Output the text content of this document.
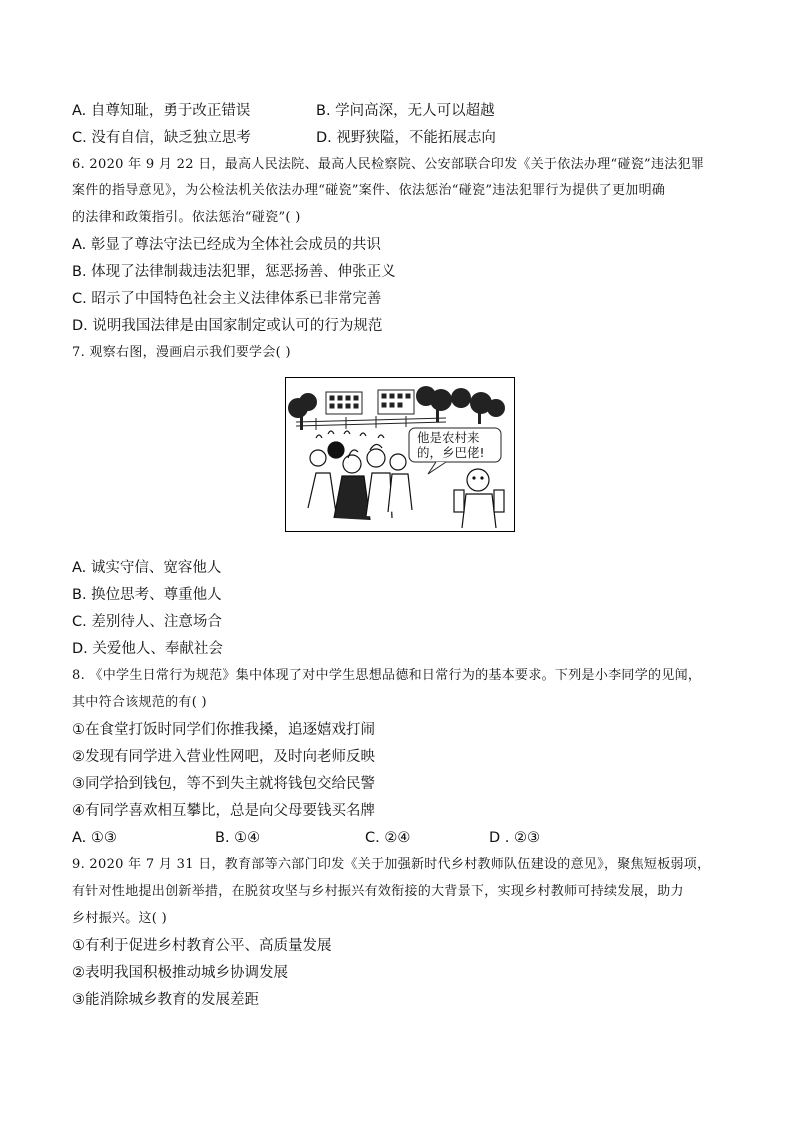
A. 自尊知耻，勇于改正错误	B. 学问高深，无人可以超越
C. 没有自信，缺乏独立思考	D. 视野狭隘，不能拓展志向
6. 2020 年 9 月 22 日，最高人民法院、最高人民检察院、公安部联合印发《关于依法办理“碰瓷”违法犯罪
案件的指导意见》，为公检法机关依法办理“碰瓷”案件、依法惩治“碰瓷”违法犯罪行为提供了更加明确
的法律和政策指引。依法惩治“碰瓷”( )
A. 彰显了尊法守法已经成为全体社会成员的共识
B. 体现了法律制裁违法犯罪，惩恶扬善、伸张正义
C. 昭示了中国特色社会主义法律体系已非常完善
D. 说明我国法律是由国家制定或认可的行为规范
7. 观察右图，漫画启示我们要学会( )
他是农村来
的，乡巴佬!
A. 诚实守信、宽容他人
B. 换位思考、尊重他人
C. 差别待人、注意场合
D. 关爱他人、奉献社会
8. 《中学生日常行为规范》集中体现了对中学生思想品德和日常行为的基本要求。下列是小李同学的见闻，
其中符合该规范的有( )
①在食堂打饭时同学们你推我搡，追逐嬉戏打闹
②发现有同学进入营业性网吧，及时向老师反映
③同学拾到钱包，等不到失主就将钱包交给民警
④有同学喜欢相互攀比，总是向父母要钱买名牌
A. ①③	B. ①④	C. ②④	D . ②③
9. 2020 年 7 月 31 日，教育部等六部门印发《关于加强新时代乡村教师队伍建设的意见》，聚焦短板弱项，
有针对性地提出创新举措，在脱贫攻坚与乡村振兴有效衔接的大背景下，实现乡村教师可持续发展，助力
乡村振兴。这( )
①有利于促进乡村教育公平、高质量发展
②表明我国积极推动城乡协调发展
③能消除城乡教育的发展差距
